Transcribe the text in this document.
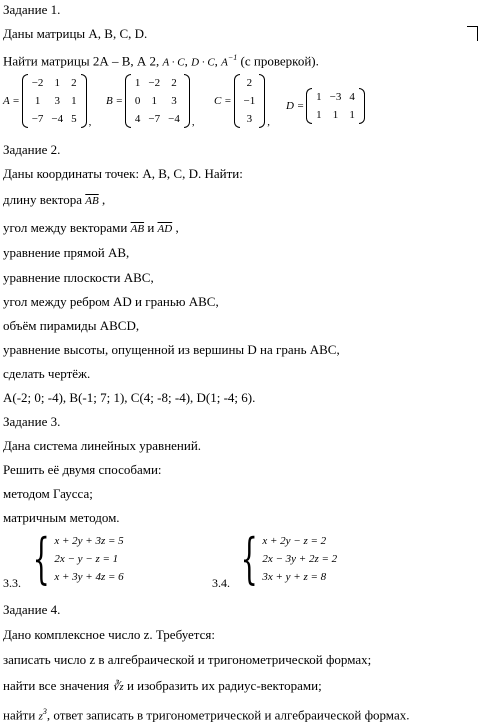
Задание 1.
Даны матрицы А, В, С, D.
Найти матрицы 2А – В, А 2, A · C, D · C, $A^{-1}$ (с проверкой).
A =
−2	1	2
1	3	1
−7	−4	5 ,
B =
1	−2	2
0	1	3
4	−7	−4 ,
C =
2
−1
3 ,
D =
1	−3	4
1	1	1
Задание 2.
Даны координаты точек: А, В, С, D. Найти:
длину вектора $\overline{AB}$ ,
угол между векторами $\overline{AB}$ и $\overline{AD}$ ,
уравнение прямой АВ,
уравнение плоскости АВС,
угол между ребром АD и гранью АВС,
объём пирамиды АВСD,
уравнение высоты, опущенной из вершины D на грань АВС,
сделать чертёж.
А(-2; 0; -4), В(-1; 7; 1), С(4; -8; -4), D(1; -4; 6).
Задание 3.
Дана система линейных уравнений.
Решить её двумя способами:
методом Гаусса;
матричным методом.
3.3. { x + 2y + 3z = 5
2x − y − z = 1
x + 3y + 4z = 6	3.4. { x + 2y − z = 2
2x − 3y + 2z = 2
3x + y + z = 8
Задание 4.
Дано комплексное число z. Требуется:
записать число z в алгебраической и тригонометрической формах;
найти все значения ∛z и изобразить их радиус-векторами;
найти $z^3$, ответ записать в тригонометрической и алгебраической формах.
